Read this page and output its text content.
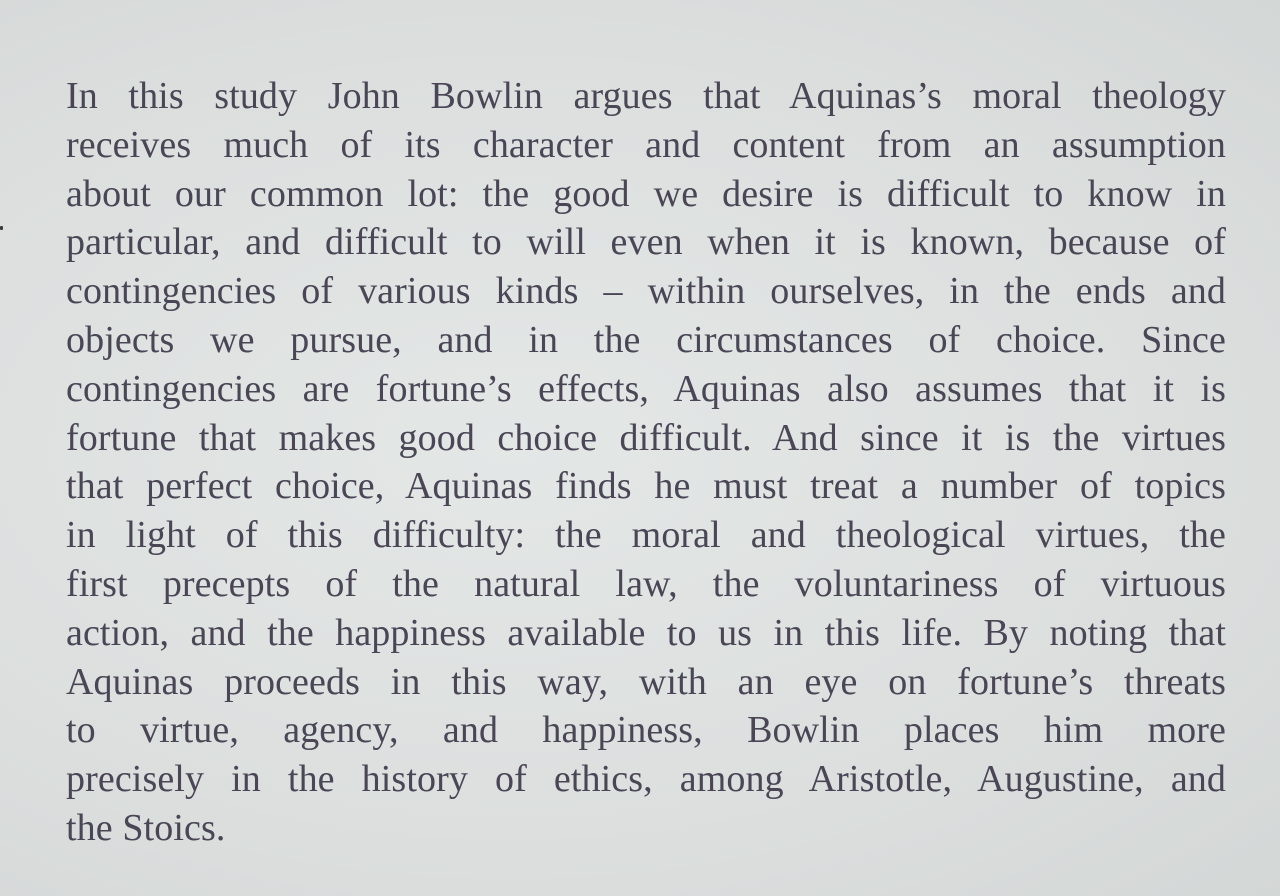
In this study John Bowlin argues that Aquinas’s moral theology
receives much of its character and content from an assumption
about our common lot: the good we desire is difficult to know in
particular, and difficult to will even when it is known, because of
contingencies of various kinds – within ourselves, in the ends and
objects we pursue, and in the circumstances of choice. Since
contingencies are fortune’s effects, Aquinas also assumes that it is
fortune that makes good choice difficult. And since it is the virtues
that perfect choice, Aquinas finds he must treat a number of topics
in light of this difficulty: the moral and theological virtues, the
first precepts of the natural law, the voluntariness of virtuous
action, and the happiness available to us in this life. By noting that
Aquinas proceeds in this way, with an eye on fortune’s threats
to virtue, agency, and happiness, Bowlin places him more
precisely in the history of ethics, among Aristotle, Augustine, and
the Stoics.
